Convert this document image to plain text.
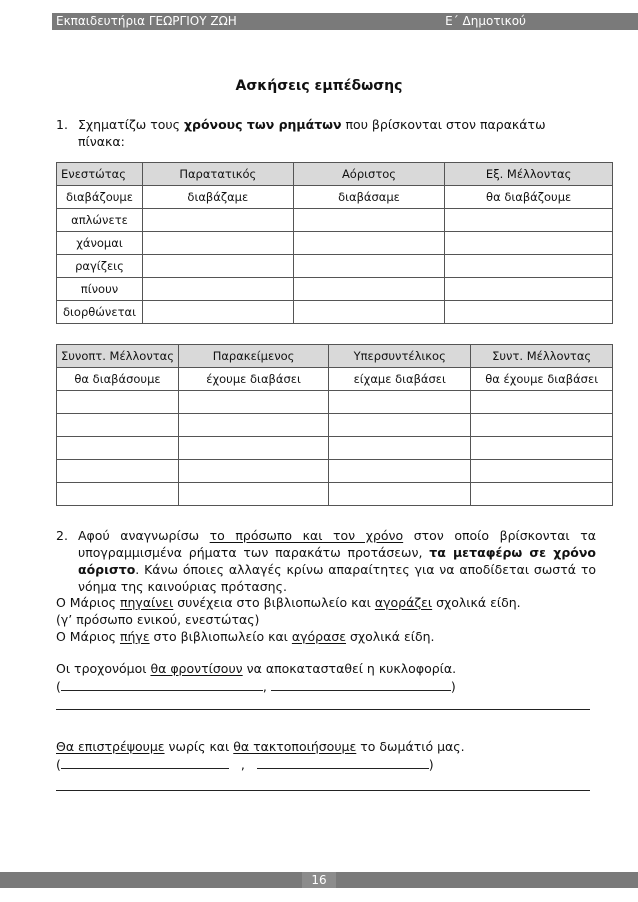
Εκπαιδευτήρια ΓΕΩΡΓΙΟΥ ΖΩΗ	Ε΄ Δημοτικού
Ασκήσεις εμπέδωσης
1. Σχηματίζω τους χρόνους των ρημάτων που βρίσκονται στον παρακάτω πίνακα:
Ενεστώτας	Παρατατικός	Αόριστος	Εξ. Μέλλοντας
διαβάζουμε	διαβάζαμε	διαβάσαμε	θα διαβάζουμε
απλώνετε			
χάνομαι			
ραγίζεις			
πίνουν			
διορθώνεται			
Συνοπτ. Μέλλοντας	Παρακείμενος	Υπερσυντέλικος	Συντ. Μέλλοντας
θα διαβάσουμε	έχουμε διαβάσει	είχαμε διαβάσει	θα έχουμε διαβάσει

2. Αφού αναγνωρίσω το πρόσωπο και τον χρόνο στον οποίο βρίσκονται τα υπογραμμισμένα ρήματα των παρακάτω προτάσεων, τα μεταφέρω σε χρόνο αόριστο. Κάνω όποιες αλλαγές κρίνω απαραίτητες για να αποδίδεται σωστά το νόημα της καινούριας πρότασης.
Ο Μάριος πηγαίνει συνέχεια στο βιβλιοπωλείο και αγοράζει σχολικά είδη.
(γ’ πρόσωπο ενικού, ενεστώτας)
Ο Μάριος πήγε στο βιβλιοπωλείο και αγόρασε σχολικά είδη.
Οι τροχονόμοι θα φροντίσουν να αποκατασταθεί η κυκλοφορία.
(	,	)
Θα επιστρέψουμε νωρίς και θα τακτοποιήσουμε το δωμάτιό μας.
(	,	)
16
